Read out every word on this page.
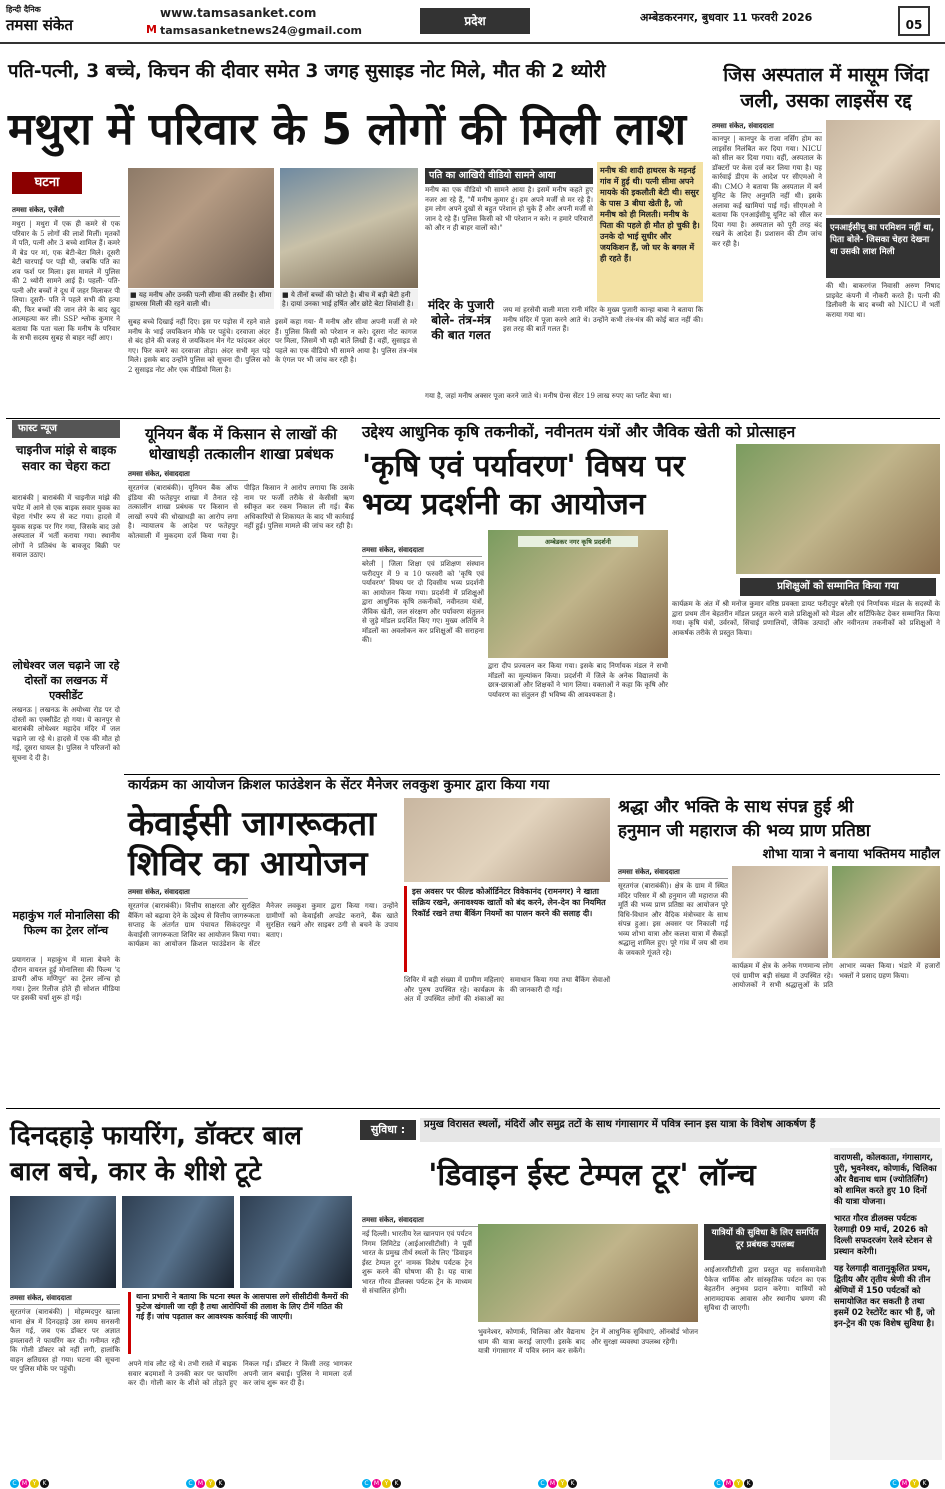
हिन्दी दैनिक
तमसा संकेत
www.tamsasanket.com
M tamsasanketnews24@gmail.com
प्रदेश	अम्बेडकरनगर, बुधवार 11 फरवरी 2026
05
पति-पत्नी, 3 बच्चे, किचन की दीवार समेत 3 जगह सुसाइड नोट मिले, मौत की 2 थ्योरी
मथुरा में परिवार के 5 लोगों की मिली लाश
जिस अस्पताल में मासूम जिंदा जली, उसका लाइसेंस रद्द
तमसा संकेत, संवाददाता
कानपुर | कानपुर के राजा नर्सिंग होम का लाइसेंस निलंबित कर दिया गया। NICU को सील कर दिया गया। वहीं, अस्पताल के डॉक्टरों पर केस दर्ज कर लिया गया है। यह कार्रवाई डीएम के आदेश पर सीएमओ ने की। CMO ने बताया कि अस्पताल में बर्न यूनिट के लिए अनुमति नहीं थी। इसके अलावा कई खामियां पाई गईं। सीएमओ ने बताया कि एनआईसीयू यूनिट को सील कर दिया गया है। अस्पताल को पूरी तरह बंद रखने के आदेश हैं। प्रशासन की टीम जांच कर रही है।
एनआईसीयू का परमिशन नहीं था, पिता बोले- जिसका चेहरा देखना था उसकी लाश मिली
की थी। बाकरगंज निवासी अरुण निषाद प्राइवेट कंपनी में नौकरी करते हैं। पत्नी की डिलीवरी के बाद बच्ची को NICU में भर्ती कराया गया था।
घटना
तमसा संकेत, एजेंसी
मथुरा | मथुरा में एक ही कमरे से एक परिवार के 5 लोगों की लाशें मिलीं। मृतकों में पति, पत्नी और 3 बच्चे शामिल हैं। कमरे में बेड पर मां, एक बेटी-बेटा मिले। दूसरी बेटी चारपाई पर पड़ी थी, जबकि पति का शव फर्श पर मिला। इस मामले में पुलिस की 2 थ्योरी सामने आई हैं। पहली- पति-पत्नी और बच्चों ने दूध में जहर मिलाकर पी लिया। दूसरी- पति ने पहले सभी की हत्या की, फिर बच्चों की जान लेने के बाद खुद आत्महत्या कर ली। SSP श्लोक कुमार ने बताया कि पता चला कि मनीष के परिवार के सभी सदस्य सुबह से बाहर नहीं आए।
■ यह मनीष और उनकी पत्नी सीमा की तस्वीर है। सीमा हाथरस मिली की रहने वाली थी।
■ ये तीनों बच्चों की फोटो है। बीच में बड़ी बेटी हनी है। दायां उनका भाई हर्षित और छोटे बेटा शिवांशी है।
पति का आखिरी वीडियो सामने आया
मनीष का एक वीडियो भी सामने आया है। इसमें मनीष कहते हुए नजर आ रहे हैं, "मैं मनीष कुमार हूं। हम अपने मर्जी से मर रहे हैं। हम लोग अपने दुखों से बहुत परेशान हो चुके हैं और अपनी मर्जी से जान दे रहे हैं। पुलिस किसी को भी परेशान न करे। न हमारे परिवारों को और न ही बाहर वालों को।"
मनीष की शादी हाथरस के मड़नई गांव में हुई थी। पत्नी सीमा अपने मायके की इकलौती बेटी थी। ससुर के पास 3 बीघा खेती है, जो मनीष को ही मिलती। मनीष के पिता की पहले ही मौत हो चुकी है। उनके दो भाई सुधीर और जयकिशन हैं, जो घर के बगल में ही रहते हैं।
सुबह बच्चे दिखाई नहीं दिए। इस पर पड़ोस में रहने वाले मनीष के भाई जयकिशन मौके पर पहुंचे। दरवाजा अंदर से बंद होने की वजह से जयकिशन मेन गेट फांदकर अंदर गए। फिर कमरे का दरवाजा तोड़ा। अंदर सभी मृत पड़े मिले। इसके बाद उन्होंने पुलिस को सूचना दी। पुलिस को 2 सुसाइड नोट और एक वीडियो मिला है।
इसमें कहा गया- मैं मनीष और सीमा अपनी मर्जी से मरे हैं। पुलिस किसी को परेशान न करे। दूसरा नोट कागज पर मिला, जिसमें भी यही बातें लिखी हैं। वहीं, सुसाइड से पहले का एक वीडियो भी सामने आया है। पुलिस तंत्र-मंत्र के एंगल पर भी जांच कर रही है।
मंदिर के पुजारी बोले- तंत्र-मंत्र की बात गलत
जय मां हरसेवी वाली माता रानी मंदिर के मुख्य पुजारी कान्हा बाबा ने बताया कि मनीष मंदिर में पूजा करने आते थे। उन्होंने कभी तंत्र-मंत्र की कोई बात नहीं की। इस तरह की बातें गलत हैं।
गया है, जहां मनीष अक्सर पूजा करने जाते थे। मनीष ग्रेन्स सेंटर 19 लाख रुपए का प्लॉट बेचा था।
फास्ट न्यूज
चाइनीज मांझे से बाइक सवार का चेहरा कटा
बाराबंकी | बाराबंकी में चाइनीज मांझे की चपेट में आने से एक बाइक सवार युवक का चेहरा गंभीर रूप से कट गया। हादसे में युवक सड़क पर गिर गया, जिसके बाद उसे अस्पताल में भर्ती कराया गया। स्थानीय लोगों ने प्रतिबंध के बावजूद बिक्री पर सवाल उठाए।
लोधेश्वर जल चढ़ाने जा रहे दोस्तों का लखनऊ में एक्सीडेंट
लखनऊ | लखनऊ के अयोध्या रोड पर दो दोस्तों का एक्सीडेंट हो गया। ये कानपुर से बाराबंकी लोधेश्वर महादेव मंदिर में जल चढ़ाने जा रहे थे। हादसे में एक की मौत हो गई, दूसरा घायल है। पुलिस ने परिजनों को सूचना दे दी है।
महाकुंभ गर्ल मोनालिसा की फिल्म का ट्रेलर लॉन्च
प्रयागराज | महाकुंभ में माला बेचने के दौरान वायरल हुई मोनालिसा की फिल्म 'द डायरी ऑफ मणिपुर' का ट्रेलर लॉन्च हो गया। ट्रेलर रिलीज होते ही सोशल मीडिया पर इसकी चर्चा शुरू हो गई।
यूनियन बैंक में किसान से लाखों की धोखाधड़ी तत्कालीन शाखा प्रबंधक
तमसा संकेत, संवाददाता
सूरतगंज (बाराबंकी)। यूनियन बैंक ऑफ इंडिया की फतेहपुर शाखा में तैनात रहे तत्कालीन शाखा प्रबंधक पर किसान से लाखों रुपये की धोखाधड़ी का आरोप लगा है। न्यायालय के आदेश पर फतेहपुर कोतवाली में मुकदमा दर्ज किया गया है। पीड़ित किसान ने आरोप लगाया कि उसके नाम पर फर्जी तरीके से केसीसी ऋण स्वीकृत कर रकम निकाल ली गई। बैंक अधिकारियों से शिकायत के बाद भी कार्रवाई नहीं हुई। पुलिस मामले की जांच कर रही है।
उद्देश्य आधुनिक कृषि तकनीकों, नवीनतम यंत्रों और जैविक खेती को प्रोत्साहन
'कृषि एवं पर्यावरण' विषय पर भव्य प्रदर्शनी का आयोजन
तमसा संकेत, संवाददाता
अम्बेडकर नगर कृषि प्रदर्शनी
बरेली | जिला शिक्षा एवं प्रशिक्षण संस्थान फरीदपुर में 9 व 10 फरवरी को 'कृषि एवं पर्यावरण' विषय पर दो दिवसीय भव्य प्रदर्शनी का आयोजन किया गया। प्रदर्शनी में प्रशिक्षुओं द्वारा आधुनिक कृषि तकनीकों, नवीनतम यंत्रों, जैविक खेती, जल संरक्षण और पर्यावरण संतुलन से जुड़े मॉडल प्रदर्शित किए गए। मुख्य अतिथि ने मॉडलों का अवलोकन कर प्रशिक्षुओं की सराहना की।
प्रशिक्षुओं को सम्मानित किया गया
कार्यक्रम के अंत में श्री मनोज कुमार वरिष्ठ प्रवक्ता डायट फरीदपुर बरेली एवं निर्णायक मंडल के सदस्यों के द्वारा प्रथम तीन बेहतरीन मॉडल प्रस्तुत करने वाले प्रशिक्षुओं को मेडल और सर्टिफिकेट देकर सम्मानित किया गया। कृषि यंत्रों, उर्वरकों, सिंचाई प्रणालियों, जैविक उत्पादों और नवीनतम तकनीकों को प्रशिक्षुओं ने आकर्षक तरीके से प्रस्तुत किया।
द्वारा दीप प्रज्वलन कर किया गया। इसके बाद निर्णायक मंडल ने सभी मॉडलों का मूल्यांकन किया। प्रदर्शनी में जिले के अनेक विद्यालयों के छात्र-छात्राओं और शिक्षकों ने भाग लिया। वक्ताओं ने कहा कि कृषि और पर्यावरण का संतुलन ही भविष्य की आवश्यकता है।
कार्यक्रम का आयोजन क्रिशल फाउंडेशन के सेंटर मैनेजर लवकुश कुमार द्वारा किया गया
केवाईसी जागरूकता शिविर का आयोजन
तमसा संकेत, संवाददाता	इस अवसर पर फील्ड कोऑर्डिनेटर विवेकानंद (रामनगर) ने खाता सक्रिय रखने, अनावश्यक खातों को बंद करने, लेन-देन का नियमित रिकॉर्ड रखने तथा बैंकिंग नियमों का पालन करने की सलाह दी।
सूरतगंज (बाराबंकी)। वित्तीय साक्षरता और सुरक्षित बैंकिंग को बढ़ावा देने के उद्देश्य से वित्तीय जागरूकता सप्ताह के अंतर्गत ग्राम पंचायत सिकंदरपुर में केवाईसी जागरूकता शिविर का आयोजन किया गया। कार्यक्रम का आयोजन क्रिशल फाउंडेशन के सेंटर मैनेजर लवकुश कुमार द्वारा किया गया। उन्होंने ग्रामीणों को केवाईसी अपडेट कराने, बैंक खाते सुरक्षित रखने और साइबर ठगी से बचने के उपाय बताए।
शिविर में बड़ी संख्या में ग्रामीण महिलाएं और पुरुष उपस्थित रहे। कार्यक्रम के अंत में उपस्थित लोगों की शंकाओं का समाधान किया गया तथा बैंकिंग सेवाओं की जानकारी दी गई।
श्रद्धा और भक्ति के साथ संपन्न हुई श्री
हनुमान जी महाराज की भव्य प्राण प्रतिष्ठा
शोभा यात्रा ने बनाया भक्तिमय माहौल
तमसा संकेत, संवाददाता
सूरतगंज (बाराबंकी)। क्षेत्र के ग्राम में स्थित मंदिर परिसर में श्री हनुमान जी महाराज की मूर्ति की भव्य प्राण प्रतिष्ठा का आयोजन पूरे विधि-विधान और वैदिक मंत्रोच्चार के साथ संपन्न हुआ। इस अवसर पर निकाली गई भव्य शोभा यात्रा और कलश यात्रा में सैकड़ों श्रद्धालु शामिल हुए। पूरे गांव में जय श्री राम के जयकारे गूंजते रहे।
कार्यक्रम में क्षेत्र के अनेक गणमान्य लोग एवं ग्रामीण बड़ी संख्या में उपस्थित रहे। आयोजकों ने सभी श्रद्धालुओं के प्रति आभार व्यक्त किया। भंडारे में हजारों भक्तों ने प्रसाद ग्रहण किया।
दिनदहाड़े फायरिंग, डॉक्टर बाल बाल बचे, कार के शीशे टूटे
तमसा संकेत, संवाददाता
सूरतगंज (बाराबंकी) | मोहम्मदपुर खाला थाना क्षेत्र में दिनदहाड़े उस समय सनसनी फैल गई, जब एक डॉक्टर पर अज्ञात हमलावरों ने फायरिंग कर दी। गनीमत रही कि गोली डॉक्टर को नहीं लगी, हालांकि वाहन क्षतिग्रस्त हो गया। घटना की सूचना पर पुलिस मौके पर पहुंची।
थाना प्रभारी ने बताया कि घटना स्थल के आसपास लगे सीसीटीवी कैमरों की फुटेज खंगाली जा रही है तथा आरोपियों की तलाश के लिए टीमें गठित की गई हैं। जांच पड़ताल कर आवश्यक कार्रवाई की जाएगी।
अपने गांव लौट रहे थे। तभी रास्ते में बाइक सवार बदमाशों ने उनकी कार पर फायरिंग कर दी। गोली कार के शीशे को तोड़ते हुए निकल गई। डॉक्टर ने किसी तरह भागकर अपनी जान बचाई। पुलिस ने मामला दर्ज कर जांच शुरू कर दी है।
सुविधा :	प्रमुख विरासत स्थलों, मंदिरों और समुद्र तटों के साथ गंगासागर में पवित्र स्नान इस यात्रा के विशेष आकर्षण हैं
'डिवाइन ईस्ट टेम्पल टूर' लॉन्च
तमसा संकेत, संवाददाता
नई दिल्ली। भारतीय रेल खानपान एवं पर्यटन निगम लिमिटेड (आईआरसीटीसी) ने पूर्वी भारत के प्रमुख तीर्थ स्थलों के लिए 'डिवाइन ईस्ट टेम्पल टूर' नामक विशेष पर्यटक ट्रेन शुरू करने की घोषणा की है। यह यात्रा भारत गौरव डीलक्स पर्यटक ट्रेन के माध्यम से संचालित होगी।
यात्रियों की सुविधा के लिए समर्पित टूर प्रबंधक उपलब्ध
आईआरसीटीसी द्वारा प्रस्तुत यह सर्वसमावेशी पैकेज धार्मिक और सांस्कृतिक पर्यटन का एक बेहतरीन अनुभव प्रदान करेगा। यात्रियों को आरामदायक आवास और स्थानीय भ्रमण की सुविधा दी जाएगी।
भुवनेश्वर, कोणार्क, चिलिका और वैद्यनाथ धाम की यात्रा कराई जाएगी। इसके बाद यात्री गंगासागर में पवित्र स्नान कर सकेंगे। ट्रेन में आधुनिक सुविधाएं, ऑनबोर्ड भोजन और सुरक्षा व्यवस्था उपलब्ध रहेगी।
वाराणसी, कोलकाता, गंगासागर, पुरी, भुवनेश्वर, कोणार्क, चिलिका और वैद्यनाथ धाम (ज्योतिर्लिंग) को शामिल करते हुए 10 दिनों की यात्रा योजना।
भारत गौरव डीलक्स पर्यटक रेलगाड़ी 09 मार्च, 2026 को दिल्ली सफदरजंग रेलवे स्टेशन से प्रस्थान करेगी।
यह रेलगाड़ी वातानुकूलित प्रथम, द्वितीय और तृतीय श्रेणी की तीन श्रेणियों में 150 पर्यटकों को समायोजित कर सकती है तथा इसमें 02 रेस्टोरेंट कार भी हैं, जो इन-ट्रेन की एक विशेष सुविधा है।
C M Y K	C M Y K	C M Y K	C M Y K	C M Y K	C M Y K
